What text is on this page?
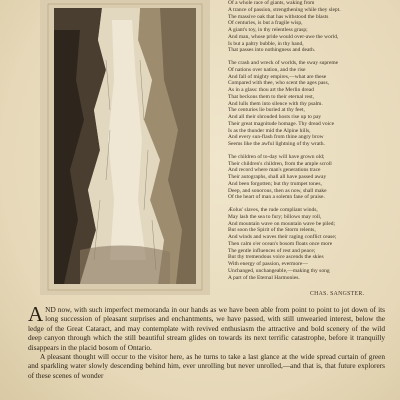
Of a whole race of giants, waking from

A trance of passion, strengthening while they slept.

The massive oak that has withstood the blasts

Of centuries, is but a fragile wisp,

A giant's toy, in thy relentless grasp;

And man, whose pride would over-awe the world,

Is but a paltry bubble, in thy hand,

That passes into nothingness and death.

The crash and wreck of worlds, the sway supreme

Of nations over nation, and the rise

And fall of mighty empires,—what are these

Compared with thee, who scent the ages pass,

As in a glass: thou art the Merlin dread

That beckons them to their eternal rest,

And lulls them into silence with thy psalm.

The centuries lie buried at thy feet,

And all their shrouded hosts rise up to pay

Their great magnitude homage. Thy dread voice

Is as the thunder mid the Alpine hills,

And every sun-flash from thine angry brow

Seems like the awful lightning of thy wrath.

The children of to-day will have grown old;

Their children's children, from the ample scroll

And record where man's generations trace

Their autographs, shall all have passed away

And been forgotten; but thy trumpet tones,

Deep, and sonorous, then as now, shall make

Of the heart of man a solemn fane of praise.

Æolus' slaves, the rude compliant winds,

May lash the sea to fury; billows may roll,

And mountain wave on mountain wave be piled;

But soon the Spirit of the Storm relents,

And winds and waves their raging conflict cease;

Then calm o'er ocean's bosom floats once more

The gentle influences of rest and peace;

But thy tremendous voice ascends the skies

With energy of passion, evermore—

Unchanged, unchangeable,—making thy song

A part of the Eternal Harmonies.

CHAS. SANGSTER.

AND now, with such imperfect memoranda in our hands as we have been able from point to point to jot down of its long succession of pleasant surprises and enchantments, we have passed, with still unwearied interest, below the ledge of the Great Cataract, and may contemplate with revived enthusiasm the attractive and bold scenery of the wild deep canyon through which the still beautiful stream glides on towards its next terrific catastrophe, before it tranquilly disappears in the placid bosom of Ontario.

A pleasant thought will occur to the visitor here, as he turns to take a last glance at the wide spread curtain of green and sparkling water slowly descending behind him, ever unrolling but never unrolled,—and that is, that future explorers of these scenes of wonder
